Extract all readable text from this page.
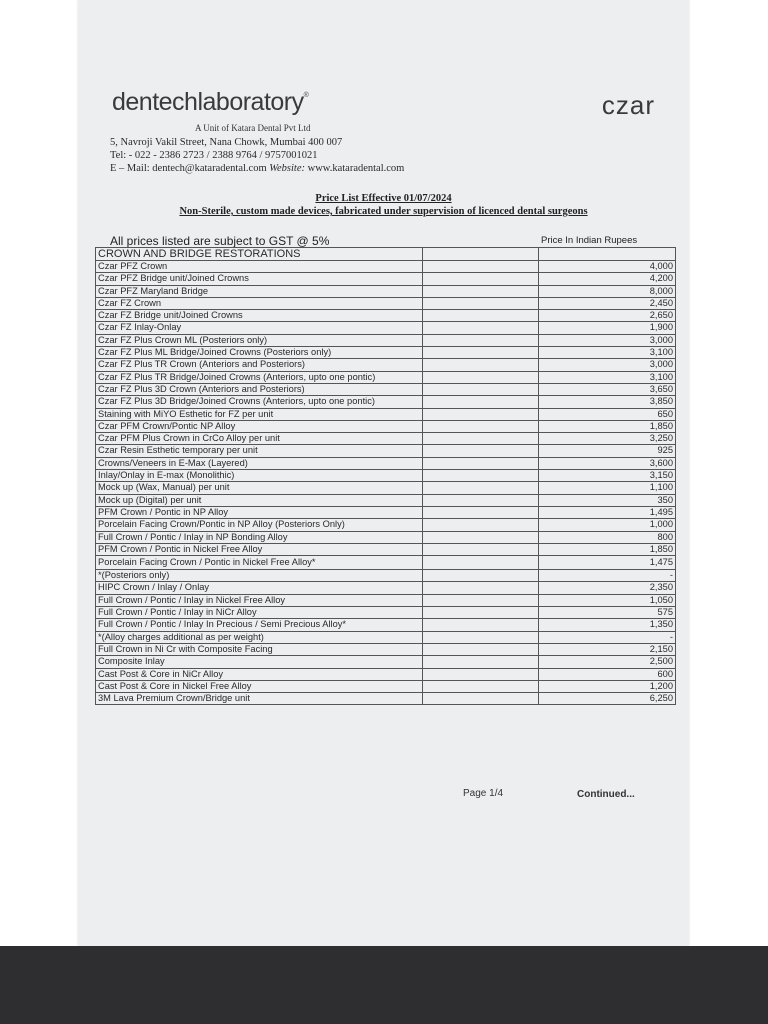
dentechlaboratory®	czar
A Unit of Katara Dental Pvt Ltd
5, Navroji Vakil Street, Nana Chowk, Mumbai 400 007
Tel: - 022 - 2386 2723 / 2388 9764 / 9757001021
E – Mail: dentech@kataradental.com Website: www.kataradental.com
Price List Effective 01/07/2024
Non-Sterile, custom made devices, fabricated under supervision of licenced dental surgeons
All prices listed are subject to GST @ 5%	Price In Indian Rupees
CROWN AND BRIDGE RESTORATIONS		
Czar PFZ Crown		4,000
Czar PFZ Bridge unit/Joined Crowns		4,200
Czar PFZ Maryland Bridge		8,000
Czar FZ Crown		2,450
Czar FZ Bridge unit/Joined Crowns		2,650
Czar FZ Inlay-Onlay		1,900
Czar FZ Plus Crown ML (Posteriors only)		3,000
Czar FZ Plus ML Bridge/Joined Crowns (Posteriors only)		3,100
Czar FZ Plus TR Crown (Anteriors and Posteriors)		3,000
Czar FZ Plus TR Bridge/Joined Crowns (Anteriors, upto one pontic)		3,100
Czar FZ Plus 3D Crown (Anteriors and Posteriors)		3,650
Czar FZ Plus 3D Bridge/Joined Crowns (Anteriors, upto one pontic)		3,850
Staining with MiYO Esthetic for FZ per unit		650
Czar PFM Crown/Pontic NP Alloy		1,850
Czar PFM Plus Crown in CrCo Alloy per unit		3,250
Czar Resin Esthetic temporary per unit		925
Crowns/Veneers in E-Max (Layered)		3,600
Inlay/Onlay in E-max (Monolithic)		3,150
Mock up (Wax, Manual) per unit		1,100
Mock up (Digital) per unit		350
PFM Crown / Pontic in NP Alloy		1,495
Porcelain Facing Crown/Pontic in NP Alloy (Posteriors Only)		1,000
Full Crown / Pontic / Inlay in NP Bonding Alloy		800
PFM Crown / Pontic in Nickel Free Alloy		1,850
Porcelain Facing Crown / Pontic in Nickel Free Alloy*		1,475
*(Posteriors only)		-
HIPC Crown / Inlay / Onlay		2,350
Full Crown / Pontic / Inlay in Nickel Free Alloy		1,050
Full Crown / Pontic / Inlay in NiCr Alloy		575
Full Crown / Pontic / Inlay In Precious / Semi Precious Alloy*		1,350
*(Alloy charges additional as per weight)		-
Full Crown in Ni Cr with Composite Facing		2,150
Composite Inlay		2,500
Cast Post & Core in NiCr Alloy		600
Cast Post & Core in Nickel Free Alloy		1,200
3M Lava Premium Crown/Bridge unit		6,250
Page 1/4	Continued...
